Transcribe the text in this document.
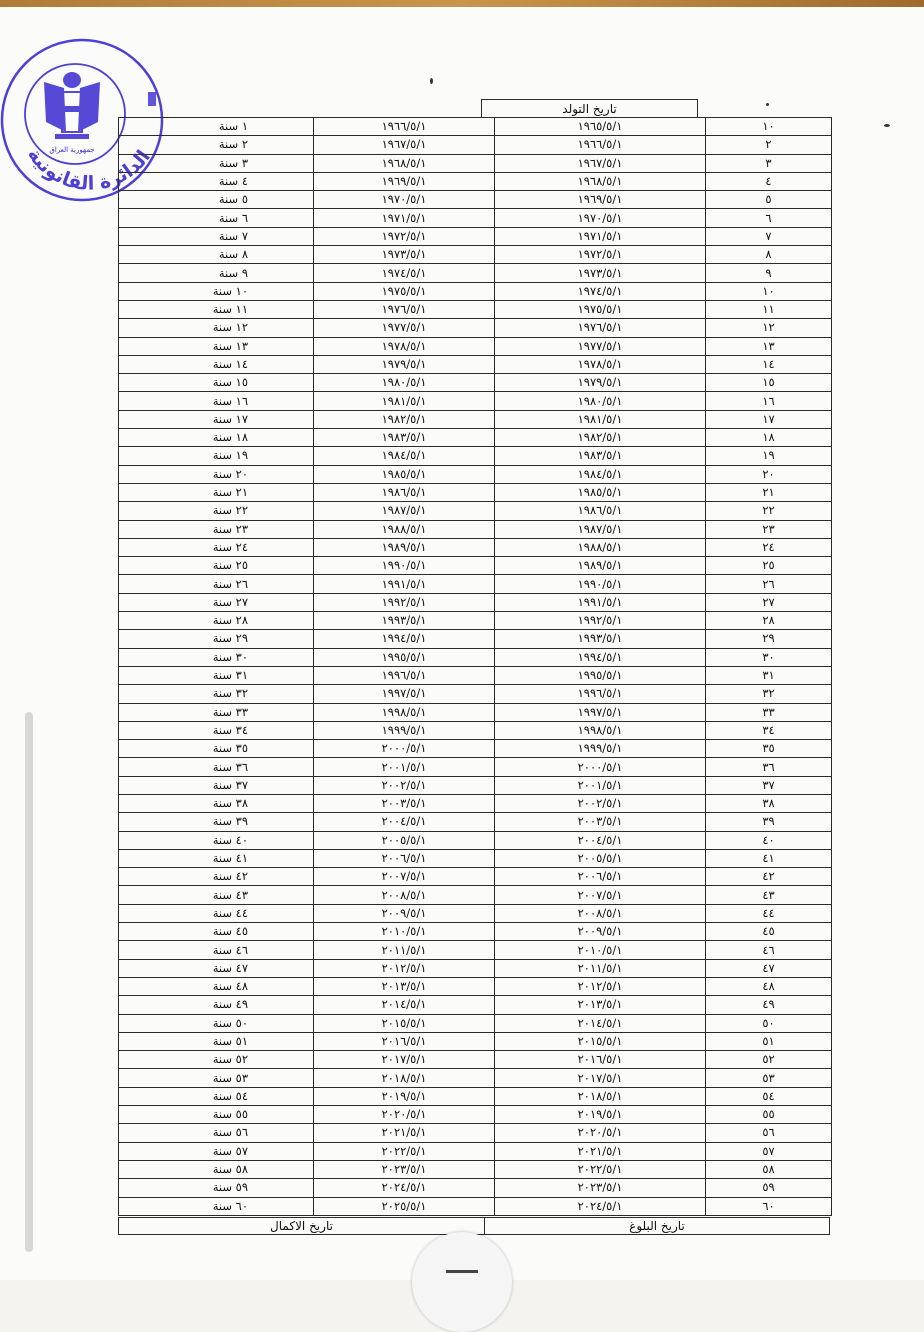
جمهورية العراق
الدائرة القانونية
تاريخ التولد
١٠	١٩٦٥/٥/١	١٩٦٦/٥/١	١ سنة
٢	١٩٦٦/٥/١	١٩٦٧/٥/١	٢ سنة
٣	١٩٦٧/٥/١	١٩٦٨/٥/١	٣ سنة
٤	١٩٦٨/٥/١	١٩٦٩/٥/١	٤ سنة
٥	١٩٦٩/٥/١	١٩٧٠/٥/١	٥ سنة
٦	١٩٧٠/٥/١	١٩٧١/٥/١	٦ سنة
٧	١٩٧١/٥/١	١٩٧٢/٥/١	٧ سنة
٨	١٩٧٢/٥/١	١٩٧٣/٥/١	٨ سنة
٩	١٩٧٣/٥/١	١٩٧٤/٥/١	٩ سنة
١٠	١٩٧٤/٥/١	١٩٧٥/٥/١	١٠ سنة
١١	١٩٧٥/٥/١	١٩٧٦/٥/١	١١ سنة
١٢	١٩٧٦/٥/١	١٩٧٧/٥/١	١٢ سنة
١٣	١٩٧٧/٥/١	١٩٧٨/٥/١	١٣ سنة
١٤	١٩٧٨/٥/١	١٩٧٩/٥/١	١٤ سنة
١٥	١٩٧٩/٥/١	١٩٨٠/٥/١	١٥ سنة
١٦	١٩٨٠/٥/١	١٩٨١/٥/١	١٦ سنة
١٧	١٩٨١/٥/١	١٩٨٢/٥/١	١٧ سنة
١٨	١٩٨٢/٥/١	١٩٨٣/٥/١	١٨ سنة
١٩	١٩٨٣/٥/١	١٩٨٤/٥/١	١٩ سنة
٢٠	١٩٨٤/٥/١	١٩٨٥/٥/١	٢٠ سنة
٢١	١٩٨٥/٥/١	١٩٨٦/٥/١	٢١ سنة
٢٢	١٩٨٦/٥/١	١٩٨٧/٥/١	٢٢ سنة
٢٣	١٩٨٧/٥/١	١٩٨٨/٥/١	٢٣ سنة
٢٤	١٩٨٨/٥/١	١٩٨٩/٥/١	٢٤ سنة
٢٥	١٩٨٩/٥/١	١٩٩٠/٥/١	٢٥ سنة
٢٦	١٩٩٠/٥/١	١٩٩١/٥/١	٢٦ سنة
٢٧	١٩٩١/٥/١	١٩٩٢/٥/١	٢٧ سنة
٢٨	١٩٩٢/٥/١	١٩٩٣/٥/١	٢٨ سنة
٢٩	١٩٩٣/٥/١	١٩٩٤/٥/١	٢٩ سنة
٣٠	١٩٩٤/٥/١	١٩٩٥/٥/١	٣٠ سنة
٣١	١٩٩٥/٥/١	١٩٩٦/٥/١	٣١ سنة
٣٢	١٩٩٦/٥/١	١٩٩٧/٥/١	٣٢ سنة
٣٣	١٩٩٧/٥/١	١٩٩٨/٥/١	٣٣ سنة
٣٤	١٩٩٨/٥/١	١٩٩٩/٥/١	٣٤ سنة
٣٥	١٩٩٩/٥/١	٢٠٠٠/٥/١	٣٥ سنة
٣٦	٢٠٠٠/٥/١	٢٠٠١/٥/١	٣٦ سنة
٣٧	٢٠٠١/٥/١	٢٠٠٢/٥/١	٣٧ سنة
٣٨	٢٠٠٢/٥/١	٢٠٠٣/٥/١	٣٨ سنة
٣٩	٢٠٠٣/٥/١	٢٠٠٤/٥/١	٣٩ سنة
٤٠	٢٠٠٤/٥/١	٢٠٠٥/٥/١	٤٠ سنة
٤١	٢٠٠٥/٥/١	٢٠٠٦/٥/١	٤١ سنة
٤٢	٢٠٠٦/٥/١	٢٠٠٧/٥/١	٤٢ سنة
٤٣	٢٠٠٧/٥/١	٢٠٠٨/٥/١	٤٣ سنة
٤٤	٢٠٠٨/٥/١	٢٠٠٩/٥/١	٤٤ سنة
٤٥	٢٠٠٩/٥/١	٢٠١٠/٥/١	٤٥ سنة
٤٦	٢٠١٠/٥/١	٢٠١١/٥/١	٤٦ سنة
٤٧	٢٠١١/٥/١	٢٠١٢/٥/١	٤٧ سنة
٤٨	٢٠١٢/٥/١	٢٠١٣/٥/١	٤٨ سنة
٤٩	٢٠١٣/٥/١	٢٠١٤/٥/١	٤٩ سنة
٥٠	٢٠١٤/٥/١	٢٠١٥/٥/١	٥٠ سنة
٥١	٢٠١٥/٥/١	٢٠١٦/٥/١	٥١ سنة
٥٢	٢٠١٦/٥/١	٢٠١٧/٥/١	٥٢ سنة
٥٣	٢٠١٧/٥/١	٢٠١٨/٥/١	٥٣ سنة
٥٤	٢٠١٨/٥/١	٢٠١٩/٥/١	٥٤ سنة
٥٥	٢٠١٩/٥/١	٢٠٢٠/٥/١	٥٥ سنة
٥٦	٢٠٢٠/٥/١	٢٠٢١/٥/١	٥٦ سنة
٥٧	٢٠٢١/٥/١	٢٠٢٢/٥/١	٥٧ سنة
٥٨	٢٠٢٢/٥/١	٢٠٢٣/٥/١	٥٨ سنة
٥٩	٢٠٢٣/٥/١	٢٠٢٤/٥/١	٥٩ سنة
٦٠	٢٠٢٤/٥/١	٢٠٢٥/٥/١	٦٠ سنة
تاريخ البلوغ
تاريخ الاكمال
